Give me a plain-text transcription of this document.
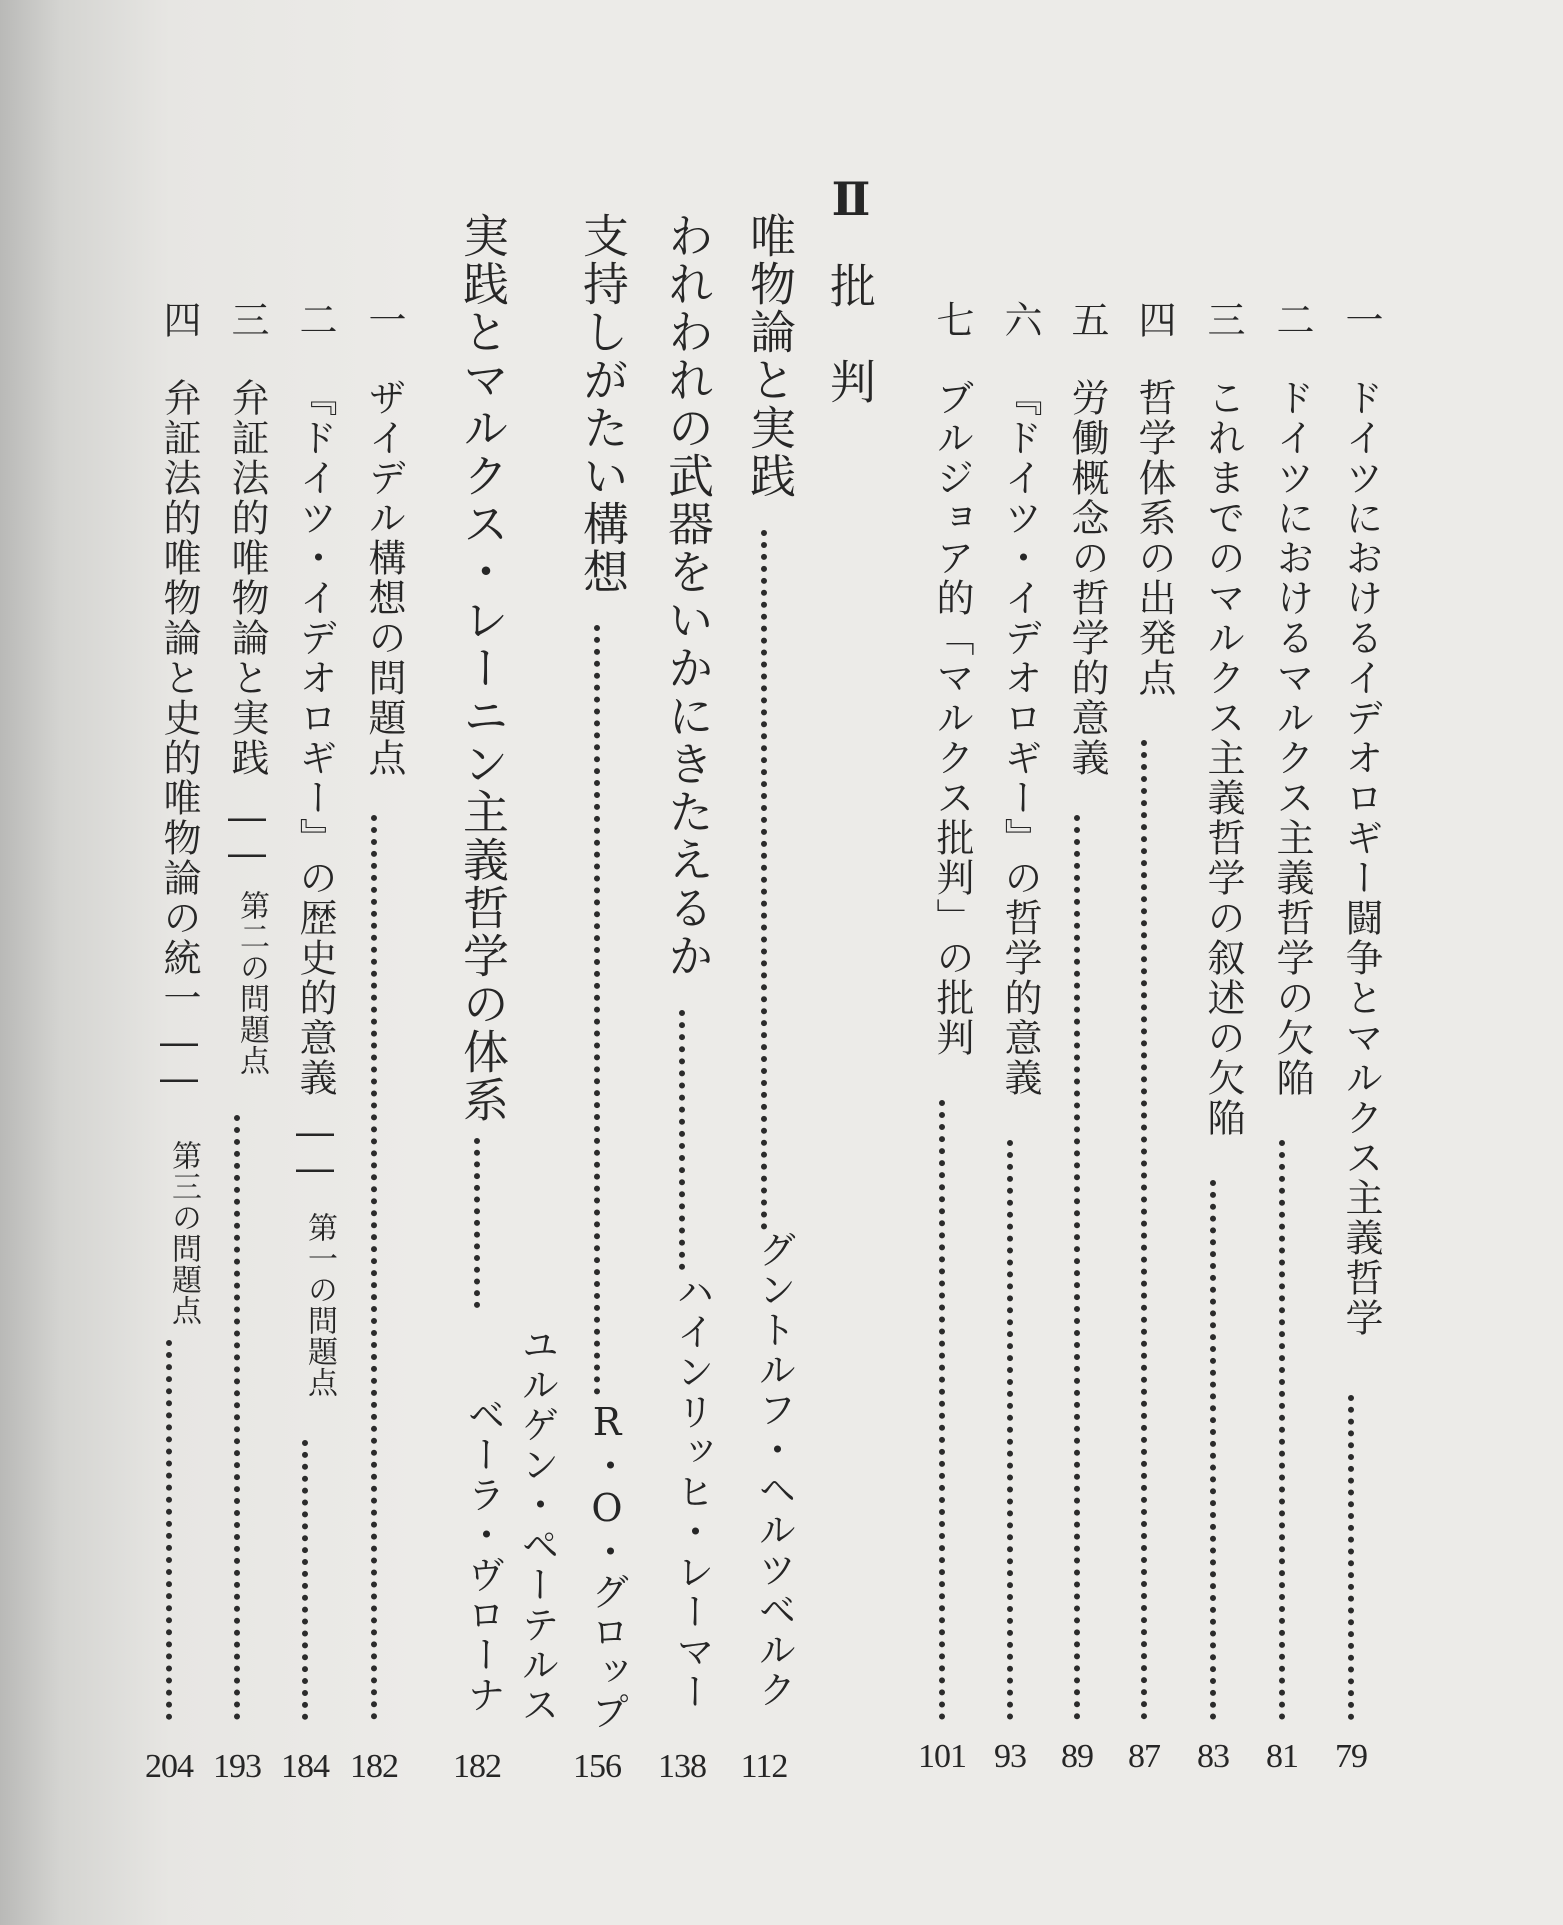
一
ドイツにおけるイデオロギー闘争とマルクス主義哲学
79
二
ドイツにおけるマルクス主義哲学の欠陥
81
三
これまでのマルクス主義哲学の叙述の欠陥
83
四
哲学体系の出発点
87
五
労働概念の哲学的意義
89
六
『ドイツ・イデオロギー』の哲学的意義
93
七
ブルジョア的「マルクス批判」の批判
101
Ⅱ
批　判
唯物論と実践
グントルフ・ヘルツベルク
112
われわれの武器をいかにきたえるか
ハインリッヒ・レーマー
138
支持しがたい構想
R・O・グロップ
156
実践とマルクス・レーニン主義哲学の体系
ユルゲン・ペーテルス
ベーラ・ヴローナ
182
一
ザイデル構想の問題点
182
二
『ドイツ・イデオロギー』の歴史的意義
――
第一の問題点
184
三
弁証法的唯物論と実践
――
第二の問題点
193
四
弁証法的唯物論と史的唯物論の統一
――
第三の問題点
204
